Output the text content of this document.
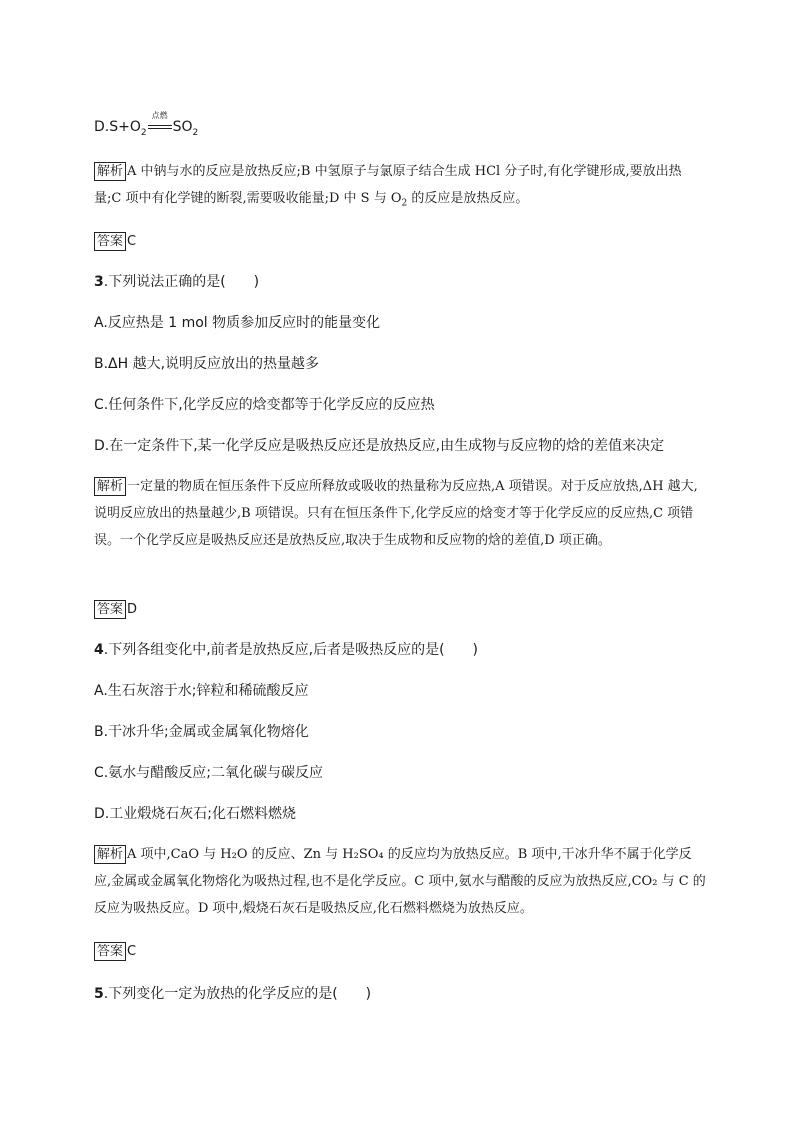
$D.S+O_2$
点燃
$SO_2$
解析 A 中钠与水的反应是放热反应;B 中氢原子与氯原子结合生成 HCl 分子时,有化学键形成,要放出热量;C 项中有化学键的断裂,需要吸收能量;D 中 S 与 $O_2$ 的反应是放热反应。
答案 C
3.下列说法正确的是(　　)
A.反应热是 1 mol 物质参加反应时的能量变化
B.ΔH 越大,说明反应放出的热量越多
C.任何条件下,化学反应的焓变都等于化学反应的反应热
D.在一定条件下,某一化学反应是吸热反应还是放热反应,由生成物与反应物的焓的差值来决定
解析 一定量的物质在恒压条件下反应所释放或吸收的热量称为反应热,A 项错误。对于反应放热,ΔH 越大,说明反应放出的热量越少,B 项错误。只有在恒压条件下,化学反应的焓变才等于化学反应的反应热,C 项错误。一个化学反应是吸热反应还是放热反应,取决于生成物和反应物的焓的差值,D 项正确。
答案 D
4.下列各组变化中,前者是放热反应,后者是吸热反应的是(　　)
A.生石灰溶于水;锌粒和稀硫酸反应
B.干冰升华;金属或金属氧化物熔化
C.氨水与醋酸反应;二氧化碳与碳反应
D.工业煅烧石灰石;化石燃料燃烧
解析 A 项中,CaO 与 H₂O 的反应、Zn 与 H₂SO₄ 的反应均为放热反应。B 项中,干冰升华不属于化学反应,金属或金属氧化物熔化为吸热过程,也不是化学反应。C 项中,氨水与醋酸的反应为放热反应,CO₂ 与 C 的反应为吸热反应。D 项中,煅烧石灰石是吸热反应,化石燃料燃烧为放热反应。
答案 C
5.下列变化一定为放热的化学反应的是(　　)
